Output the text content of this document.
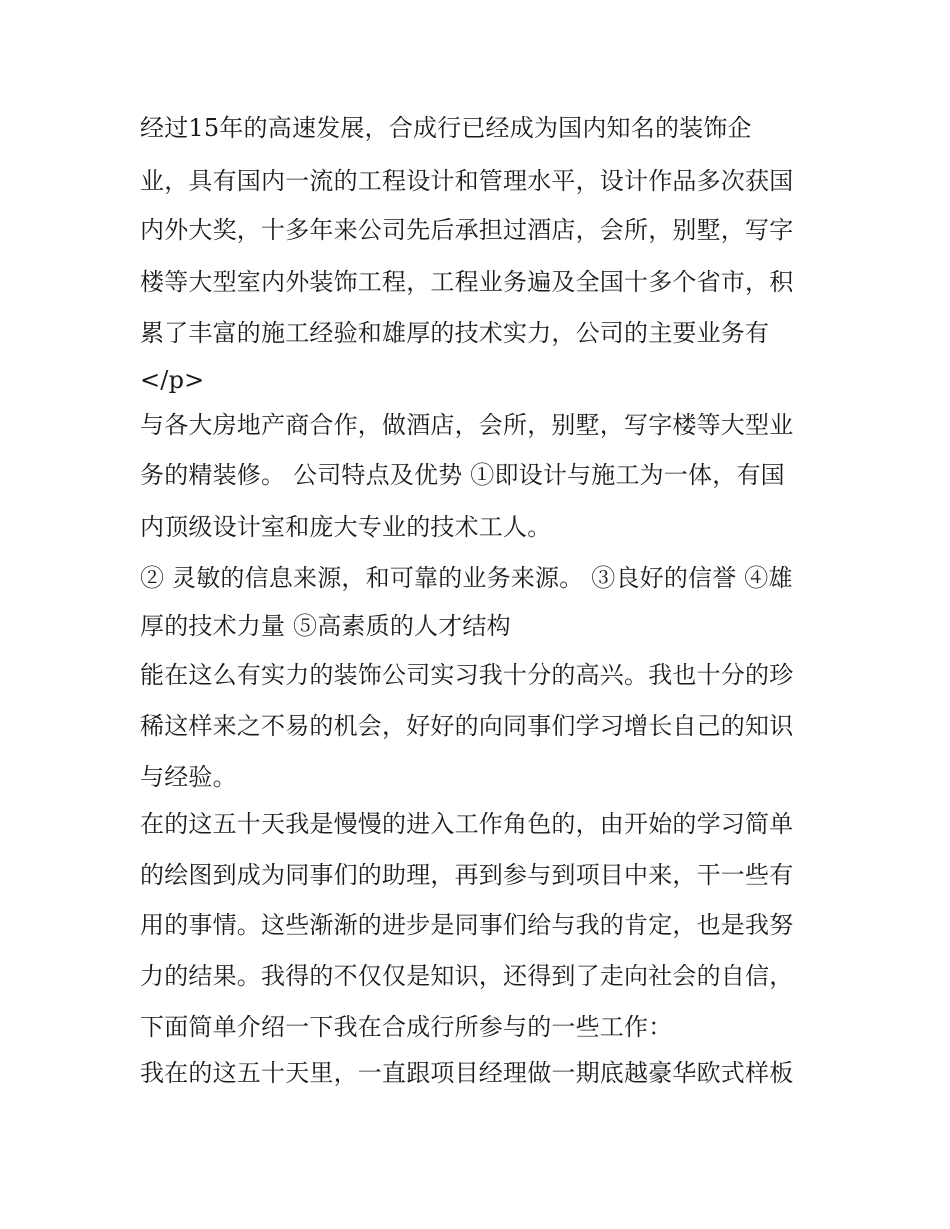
经过15年的高速发展，合成行已经成为国内知名的装饰企
业，具有国内一流的工程设计和管理水平，设计作品多次获国
内外大奖，十多年来公司先后承担过酒店，会所，别墅，写字
楼等大型室内外装饰工程，工程业务遍及全国十多个省市，积
累了丰富的施工经验和雄厚的技术实力，公司的主要业务有
</p>
与各大房地产商合作，做酒店，会所，别墅，写字楼等大型业
务的精装修。 公司特点及优势 ①即设计与施工为一体，有国
内顶级设计室和庞大专业的技术工人。
② 灵敏的信息来源，和可靠的业务来源。 ③良好的信誉 ④雄
厚的技术力量 ⑤高素质的人才结构
能在这么有实力的装饰公司实习我十分的高兴。我也十分的珍
稀这样来之不易的机会，好好的向同事们学习增长自己的知识
与经验。
在的这五十天我是慢慢的进入工作角色的，由开始的学习简单
的绘图到成为同事们的助理，再到参与到项目中来，干一些有
用的事情。这些渐渐的进步是同事们给与我的肯定，也是我努
力的结果。我得的不仅仅是知识，还得到了走向社会的自信，
下面简单介绍一下我在合成行所参与的一些工作：
我在的这五十天里，一直跟项目经理做一期底越豪华欧式样板
